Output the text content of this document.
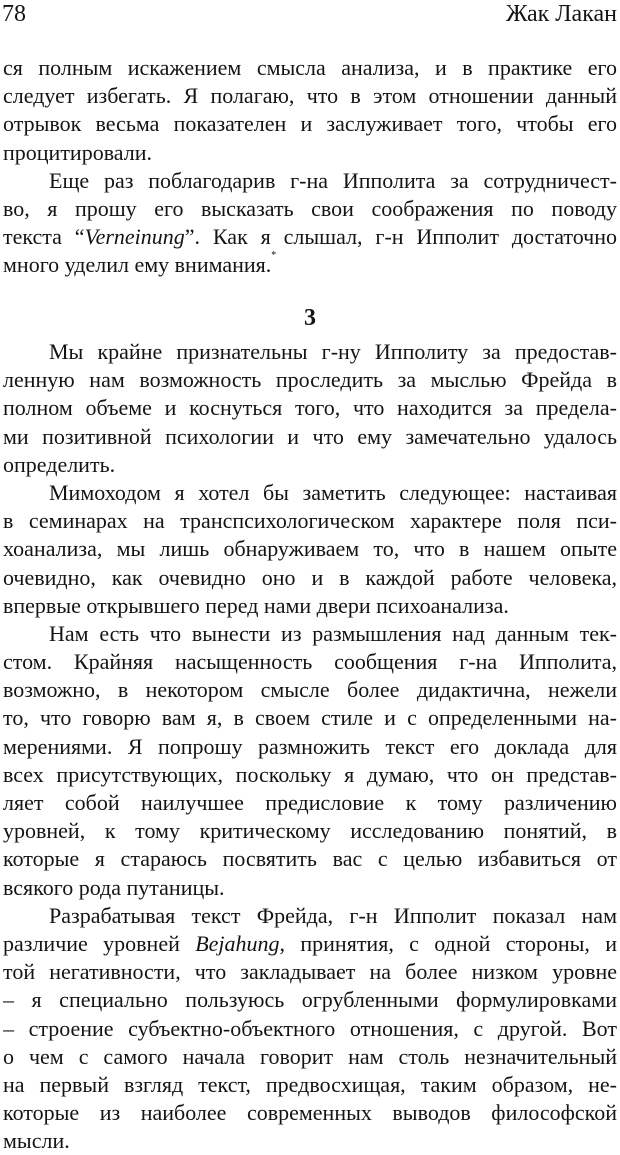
78	Жак Лакан
ся полным искажением смысла анализа, и в практике его
следует избегать. Я полагаю, что в этом отношении данный
отрывок весьма показателен и заслуживает того, чтобы его
процитировали.
Еще раз поблагодарив г-на Ипполита за сотрудничест-
во, я прошу его высказать свои соображения по поводу
текста “Verneinung”. Как я слышал, г-н Ипполит достаточно
много уделил ему внимания.*
3
Мы крайне признательны г-ну Ипполиту за предостав-
ленную нам возможность проследить за мыслью Фрейда в
полном объеме и коснуться того, что находится за предела-
ми позитивной психологии и что ему замечательно удалось
определить.
Мимоходом я хотел бы заметить следующее: настаивая
в семинарах на транспсихологическом характере поля пси-
хоанализа, мы лишь обнаруживаем то, что в нашем опыте
очевидно, как очевидно оно и в каждой работе человека,
впервые открывшего перед нами двери психоанализа.
Нам есть что вынести из размышления над данным тек-
стом. Крайняя насыщенность сообщения г-на Ипполита,
возможно, в некотором смысле более дидактична, нежели
то, что говорю вам я, в своем стиле и с определенными на-
мерениями. Я попрошу размножить текст его доклада для
всех присутствующих, поскольку я думаю, что он представ-
ляет собой наилучшее предисловие к тому различению
уровней, к тому критическому исследованию понятий, в
которые я стараюсь посвятить вас с целью избавиться от
всякого рода путаницы.
Разрабатывая текст Фрейда, г-н Ипполит показал нам
различие уровней Bejahung, принятия, с одной стороны, и
той негативности, что закладывает на более низком уровне
– я специально пользуюсь огрубленными формулировками
– строение субъектно-объектного отношения, с другой. Вот
о чем с самого начала говорит нам столь незначительный
на первый взгляд текст, предвосхищая, таким образом, не-
которые из наиболее современных выводов философской
мысли.
